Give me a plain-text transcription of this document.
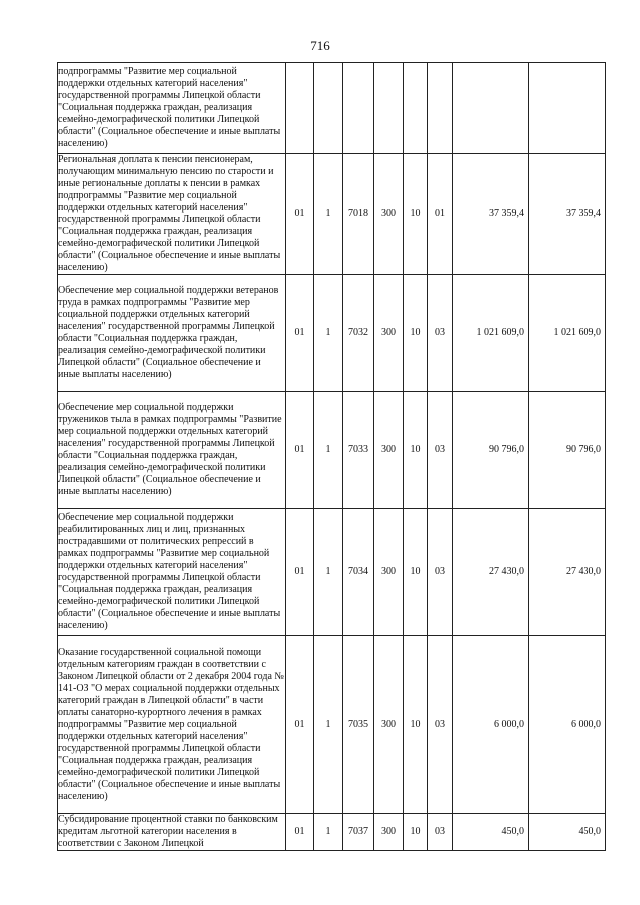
716
подпрограммы "Развитие мер социальной поддержки отдельных категорий населения" государственной программы Липецкой области "Социальная поддержка граждан, реализация семейно-демографической политики Липецкой области" (Социальное обеспечение и иные выплаты населению)								
Региональная доплата к пенсии пенсионерам, получающим минимальную пенсию по старости и иные региональные доплаты к пенсии в рамках подпрограммы "Развитие мер социальной поддержки отдельных категорий населения" государственной программы Липецкой области "Социальная поддержка граждан, реализация семейно-демографической политики Липецкой области" (Социальное обеспечение и иные выплаты населению)	01	1	7018	300	10	01	37 359,4	37 359,4
Обеспечение мер социальной поддержки ветеранов труда в рамках подпрограммы "Развитие мер социальной поддержки отдельных категорий населения" государственной программы Липецкой области "Социальная поддержка граждан, реализация семейно-демографической политики Липецкой области" (Социальное обеспечение и иные выплаты населению)	01	1	7032	300	10	03	1 021 609,0	1 021 609,0
Обеспечение мер социальной поддержки тружеников тыла в рамках подпрограммы "Развитие мер социальной поддержки отдельных категорий населения" государственной программы Липецкой области "Социальная поддержка граждан, реализация семейно-демографической политики Липецкой области" (Социальное обеспечение и иные выплаты населению)	01	1	7033	300	10	03	90 796,0	90 796,0
Обеспечение мер социальной поддержки реабилитированных лиц и лиц, признанных пострадавшими от политических репрессий в рамках подпрограммы "Развитие мер социальной поддержки отдельных категорий населения" государственной программы Липецкой области "Социальная поддержка граждан, реализация семейно-демографической политики Липецкой области" (Социальное обеспечение и иные выплаты населению)	01	1	7034	300	10	03	27 430,0	27 430,0
Оказание государственной социальной помощи отдельным категориям граждан в соответствии с Законом Липецкой области от 2 декабря 2004 года № 141-ОЗ "О мерах социальной поддержки отдельных категорий граждан в Липецкой области" в части оплаты санаторно-курортного лечения в рамках подпрограммы "Развитие мер социальной поддержки отдельных категорий населения" государственной программы Липецкой области "Социальная поддержка граждан, реализация семейно-демографической политики Липецкой области" (Социальное обеспечение и иные выплаты населению)	01	1	7035	300	10	03	6 000,0	6 000,0
Субсидирование процентной ставки по банковским кредитам льготной категории населения в соответствии с Законом Липецкой	01	1	7037	300	10	03	450,0	450,0
